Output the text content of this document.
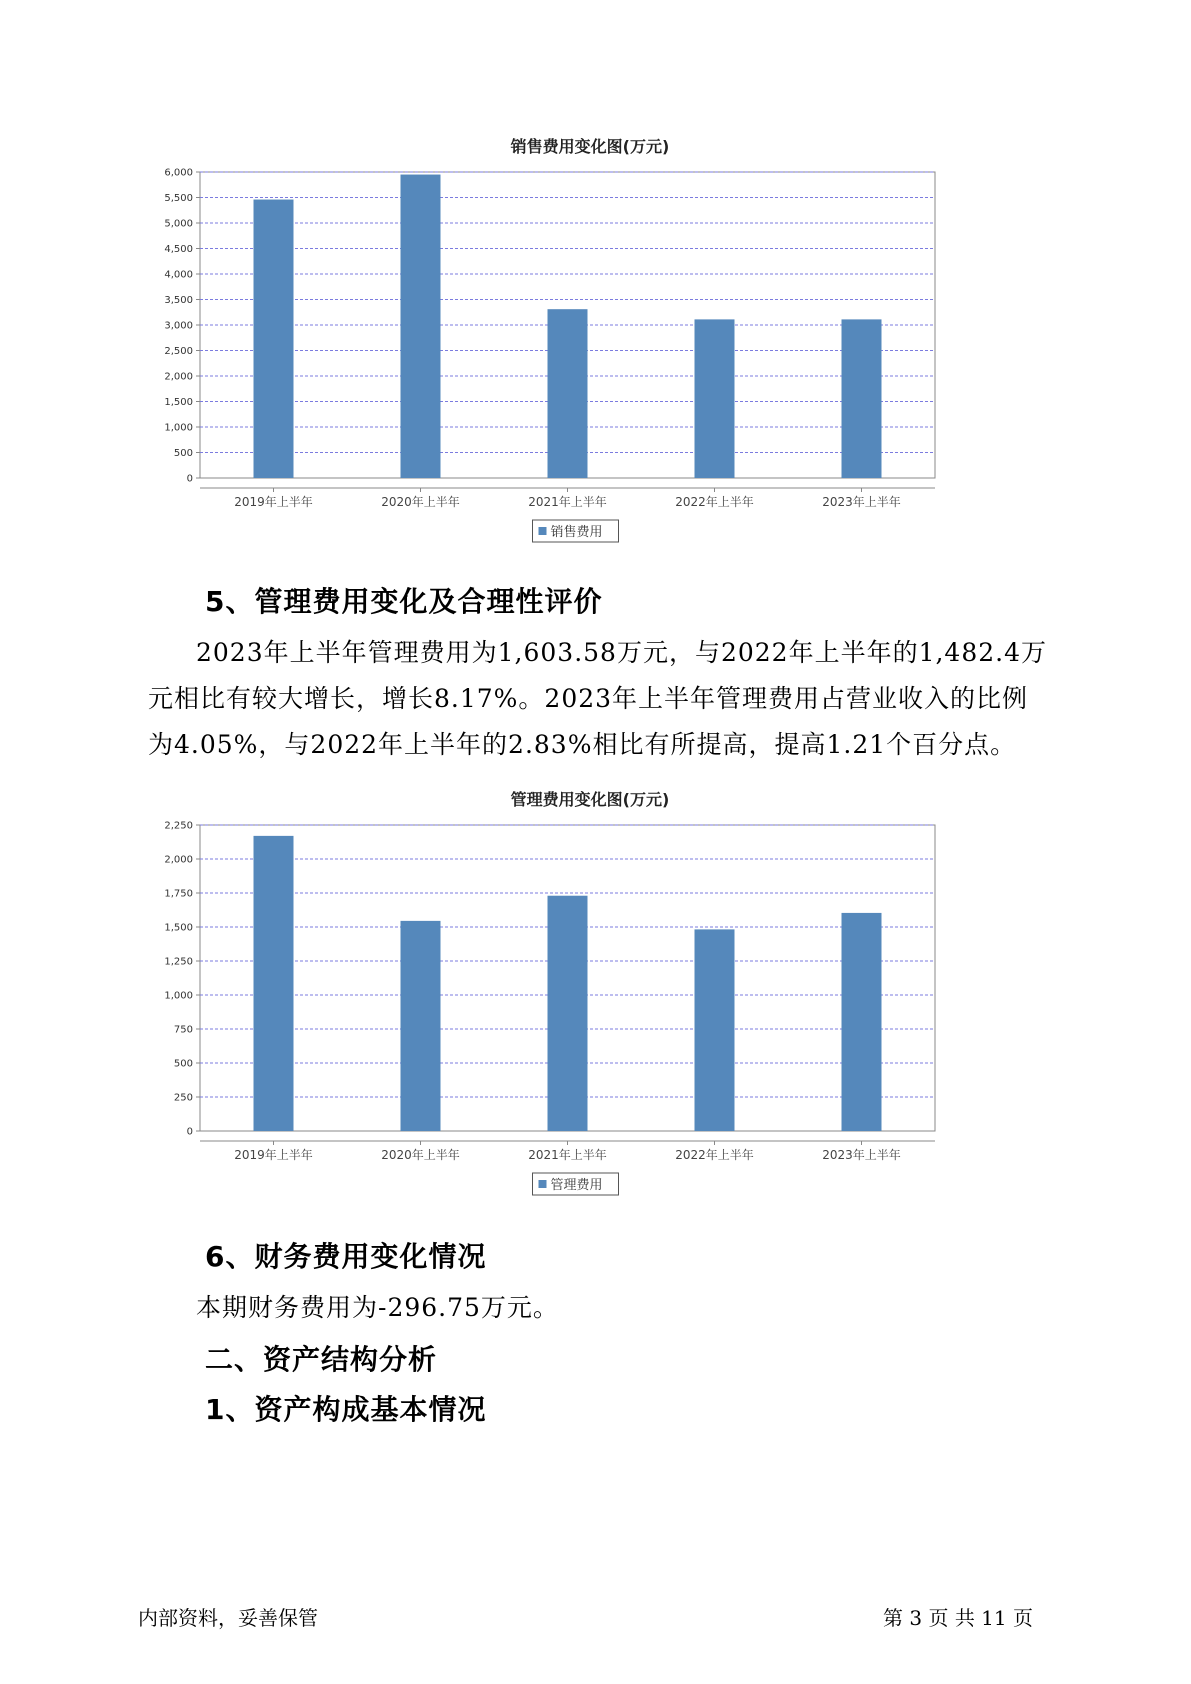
销售费用变化图(万元)
0
500
1,000
1,500
2,000
2,500
3,000
3,500
4,000
4,500
5,000
5,500
6,000
2019年上半年	2020年上半年	2021年上半年	2022年上半年	2023年上半年
销售费用
5、管理费用变化及合理性评价
2023年上半年管理费用为1,603.58万元，与2022年上半年的1,482.4万
元相比有较大增长，增长8.17%。2023年上半年管理费用占营业收入的比例
为4.05%，与2022年上半年的2.83%相比有所提高，提高1.21个百分点。
管理费用变化图(万元)
0
250
500
750
1,000
1,250
1,500
1,750
2,000
2,250
2019年上半年	2020年上半年	2021年上半年	2022年上半年	2023年上半年
管理费用
6、财务费用变化情况
本期财务费用为-296.75万元。
二、资产结构分析
1、资产构成基本情况
内部资料，妥善保管	第 3 页 共 11 页
